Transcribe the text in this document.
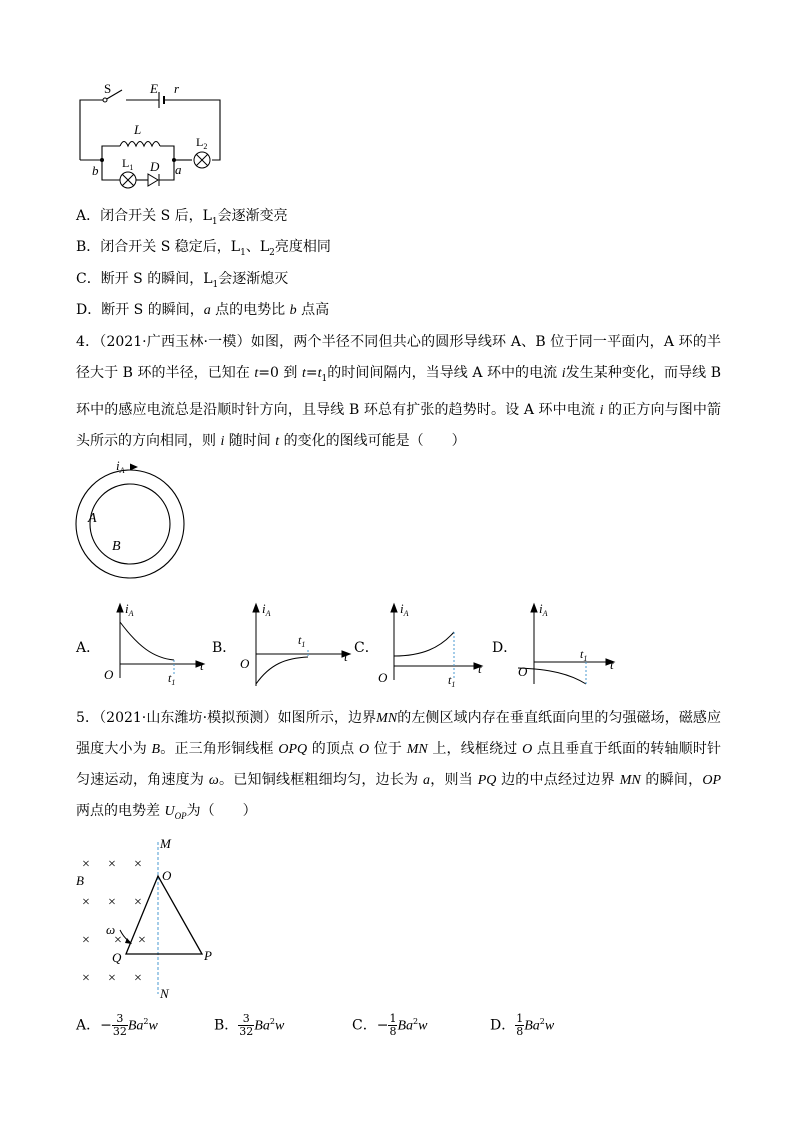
S	E r
L
$L_1$
$L_2$
D a
b
A．闭合开关 S 后，$L_1$会逐渐变亮
B．闭合开关 S 稳定后，$L_1$、$L_2$亮度相同
C．断开 S 的瞬间，$L_1$会逐渐熄灭
D．断开 S 的瞬间，a 点的电势比 b 点高
4．（2021·广西玉林·一模）如图，两个半径不同但共心的圆形导线环 A、B 位于同一平面内，A 环的半径大于 B 环的半径，已知在 t=0 到 $t=t_1$的时间间隔内，当导线 A 环中的电流 i发生某种变化，而导线 B 环中的感应电流总是沿顺时针方向，且导线 B 环总有扩张的趋势时。设 A 环中电流 i 的正方向与图中箭头所示的方向相同，则 i 随时间 t 的变化的图线可能是（　　）
$i_A$
A
B
A．
$i_A$
O
t
$t_1$
B．
$i_A$
O	t
$t_1$	C．
$i_A$
O
t
$t_1$
D．
$i_A$
O	t
$t_1$
5．（2021·山东潍坊·模拟预测）如图所示，边界MN的左侧区域内存在垂直纸面向里的匀强磁场，磁感应强度大小为 B。正三角形铜线框 OPQ 的顶点 O 位于 MN 上，线框绕过 O 点且垂直于纸面的转轴顺时针匀速运动，角速度为 ω。已知铜线框粗细均匀，边长为 a，则当 PQ 边的中点经过边界 MN 的瞬间，OP 两点的电势差 $U_{OP}$为（　　）
× × ×
× × ×
× × ×
× × ×
M
N
B	O
P
Q
ω
A．− $\frac{3}{32} Ba^2w$	B． $\frac{3}{32} Ba^2w$	C．− $\frac{1}{8} Ba^2w$	D． $\frac{1}{8} Ba^2w$
